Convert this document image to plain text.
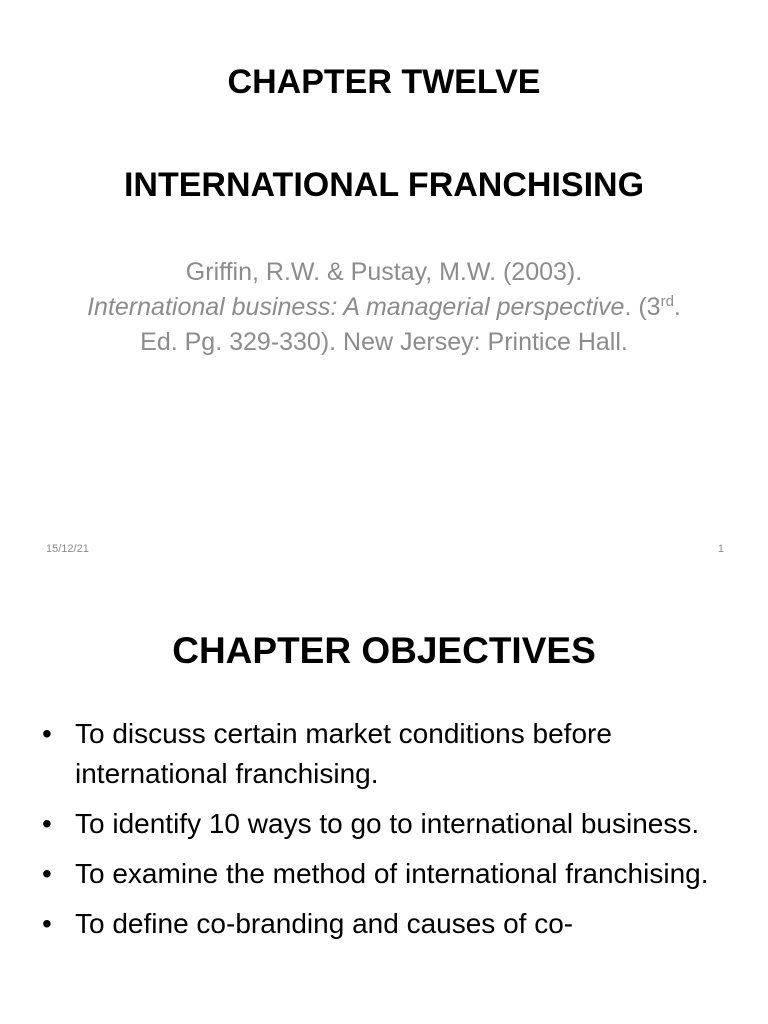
CHAPTER TWELVE
INTERNATIONAL FRANCHISING
Griffin, R.W. & Pustay, M.W. (2003).
International business: A managerial perspective. (3rd. Ed. Pg. 329-330). New Jersey: Printice Hall.
15/12/21	1
CHAPTER OBJECTIVES
• To discuss certain market conditions before international franchising.
• To identify 10 ways to go to international business.
• To examine the method of international franchising.
• To define co-branding and causes of co-
